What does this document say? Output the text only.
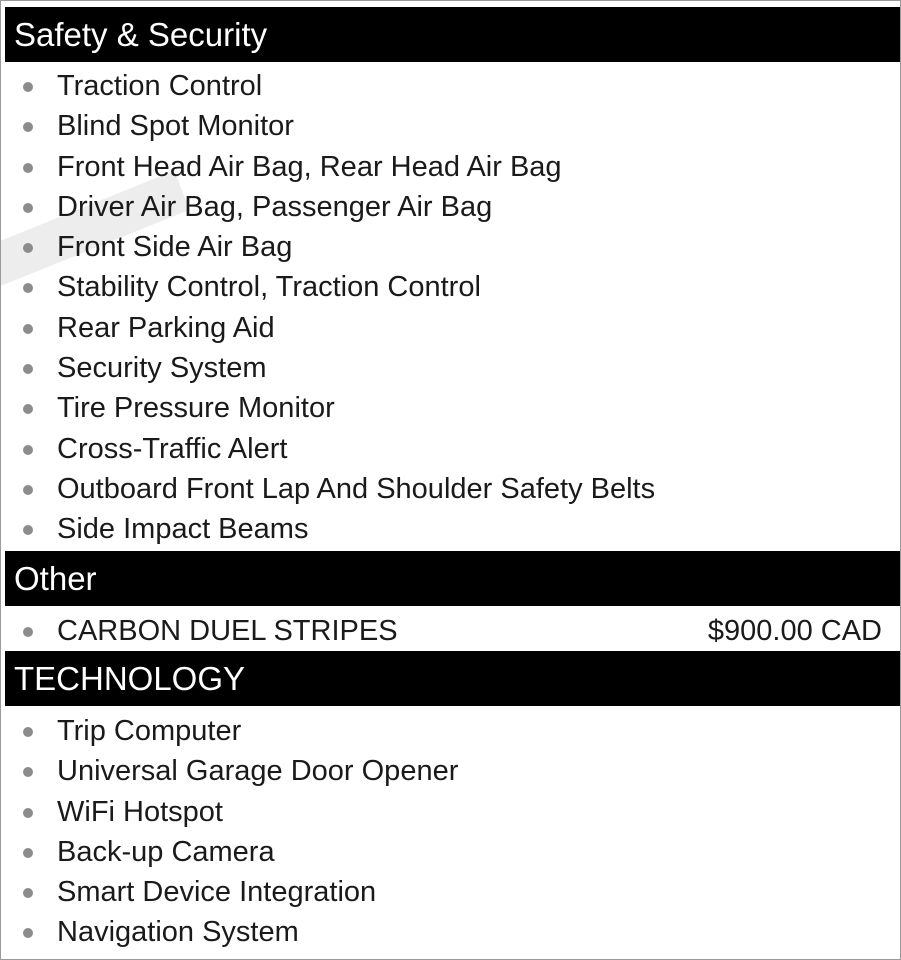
Safety & Security
Traction Control
Blind Spot Monitor
Front Head Air Bag, Rear Head Air Bag
Driver Air Bag, Passenger Air Bag
Front Side Air Bag
Stability Control, Traction Control
Rear Parking Aid
Security System
Tire Pressure Monitor
Cross-Traffic Alert
Outboard Front Lap And Shoulder Safety Belts
Side Impact Beams
Other
CARBON DUEL STRIPES	$900.00 CAD
TECHNOLOGY
Trip Computer
Universal Garage Door Opener
WiFi Hotspot
Back-up Camera
Smart Device Integration
Navigation System
